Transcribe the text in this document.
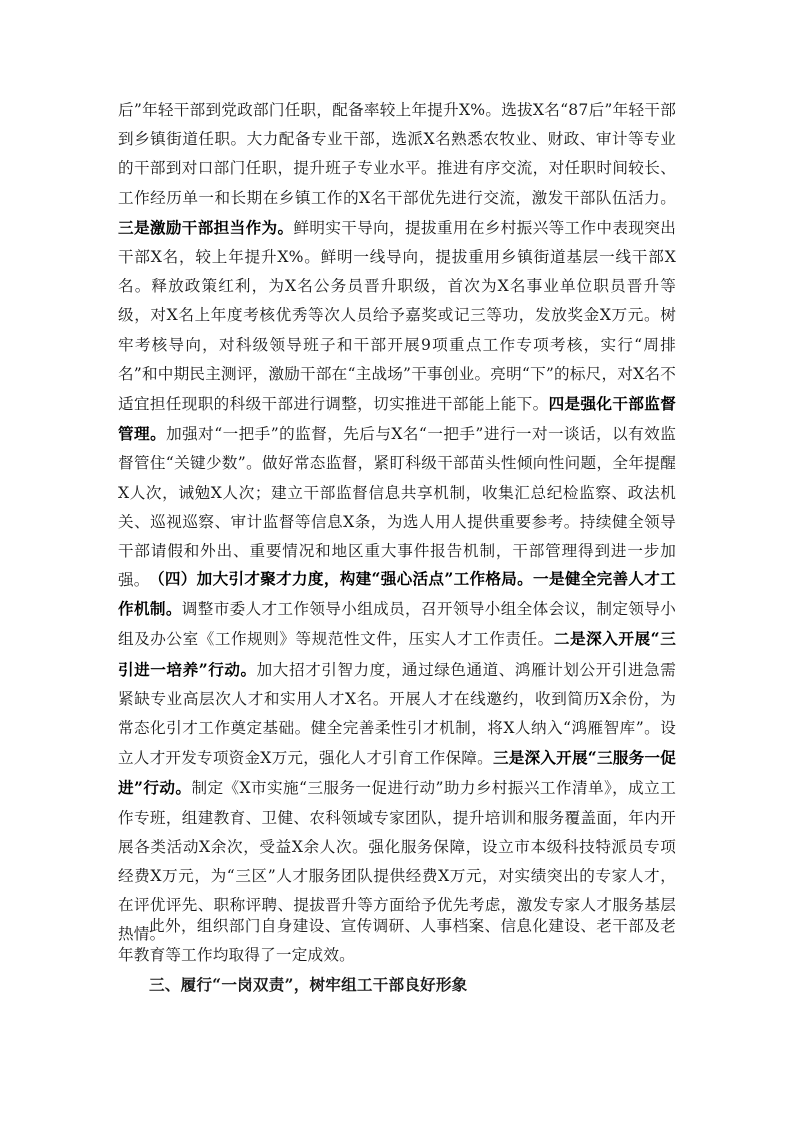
后”年轻干部到党政部门任职，配备率较上年提升X%。选拔X名“87后”年轻干部到乡镇街道任职。大力配备专业干部，选派X名熟悉农牧业、财政、审计等专业的干部到对口部门任职，提升班子专业水平。推进有序交流，对任职时间较长、工作经历单一和长期在乡镇工作的X名干部优先进行交流，激发干部队伍活力。三是激励干部担当作为。鲜明实干导向，提拔重用在乡村振兴等工作中表现突出干部X名，较上年提升X%。鲜明一线导向，提拔重用乡镇街道基层一线干部X名。释放政策红利，为X名公务员晋升职级，首次为X名事业单位职员晋升等级，对X名上年度考核优秀等次人员给予嘉奖或记三等功，发放奖金X万元。树牢考核导向，对科级领导班子和干部开展9项重点工作专项考核，实行“周排名”和中期民主测评，激励干部在“主战场”干事创业。亮明“下”的标尺，对X名不适宜担任现职的科级干部进行调整，切实推进干部能上能下。四是强化干部监督管理。加强对“一把手”的监督，先后与X名“一把手”进行一对一谈话，以有效监督管住“关键少数”。做好常态监督，紧盯科级干部苗头性倾向性问题，全年提醒X人次，诫勉X人次；建立干部监督信息共享机制，收集汇总纪检监察、政法机关、巡视巡察、审计监督等信息X条，为选人用人提供重要参考。持续健全领导干部请假和外出、重要情况和地区重大事件报告机制，干部管理得到进一步加强。 （四）加大引才聚才力度，构建“强心活点”工作格局。一是健全完善人才工作机制。调整市委人才工作领导小组成员，召开领导小组全体会议，制定领导小组及办公室《工作规则》等规范性文件，压实人才工作责任。二是深入开展“三引进一培养”行动。加大招才引智力度，通过绿色通道、鸿雁计划公开引进急需紧缺专业高层次人才和实用人才X名。开展人才在线邀约，收到简历X余份，为常态化引才工作奠定基础。健全完善柔性引才机制，将X人纳入“鸿雁智库”。设立人才开发专项资金X万元，强化人才引育工作保障。三是深入开展“三服务一促进”行动。制定《X市实施“三服务一促进行动”助力乡村振兴工作清单》，成立工作专班，组建教育、卫健、农科领域专家团队，提升培训和服务覆盖面，年内开展各类活动X余次，受益X余人次。强化服务保障，设立市本级科技特派员专项经费X万元，为“三区”人才服务团队提供经费X万元，对实绩突出的专家人才，在评优评先、职称评聘、提拔晋升等方面给予优先考虑，激发专家人才服务基层热情。

此外，组织部门自身建设、宣传调研、人事档案、信息化建设、老干部及老年教育等工作均取得了一定成效。

三、履行“一岗双责”，树牢组工干部良好形象
